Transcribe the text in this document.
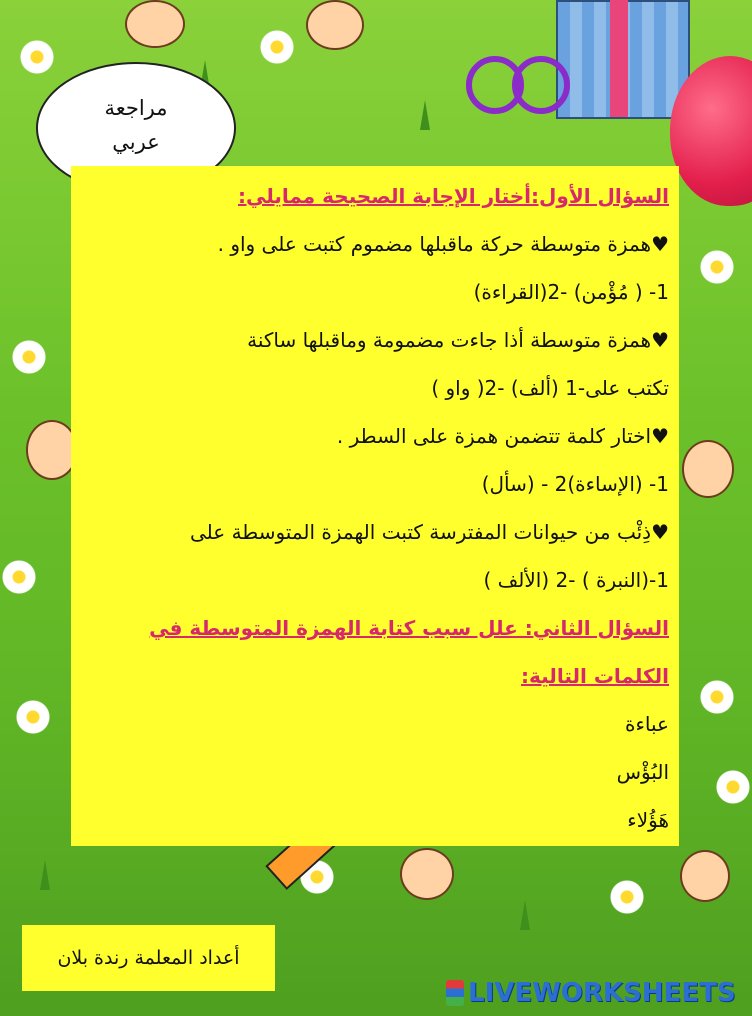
مراجعة
عربي
السؤال الأول:أختار الإجابة الصحيحة ممايلي:
♥همزة متوسطة حركة ماقبلها مضموم كتبت على واو .
1- ( مُؤْمن) -2(القراءة)
♥همزة متوسطة أذا جاءت مضمومة وماقبلها ساكنة
تكتب على-1 (ألف) -2( واو )
♥اختار كلمة تتضمن همزة على السطر .
1- (الإساءة)2 - (سأل)
♥ذِئْب من حيوانات المفترسة كتبت الهمزة المتوسطة على
1-(النبرة ) -2 (الألف )
السؤال الثاني: علل سبب كتابة الهمزة المتوسطة في
الكلمات التالية:
عباءة
البُؤْس
هَؤُلاء
أعداد المعلمة رندة بلان
LIVEWORKSHEETS
